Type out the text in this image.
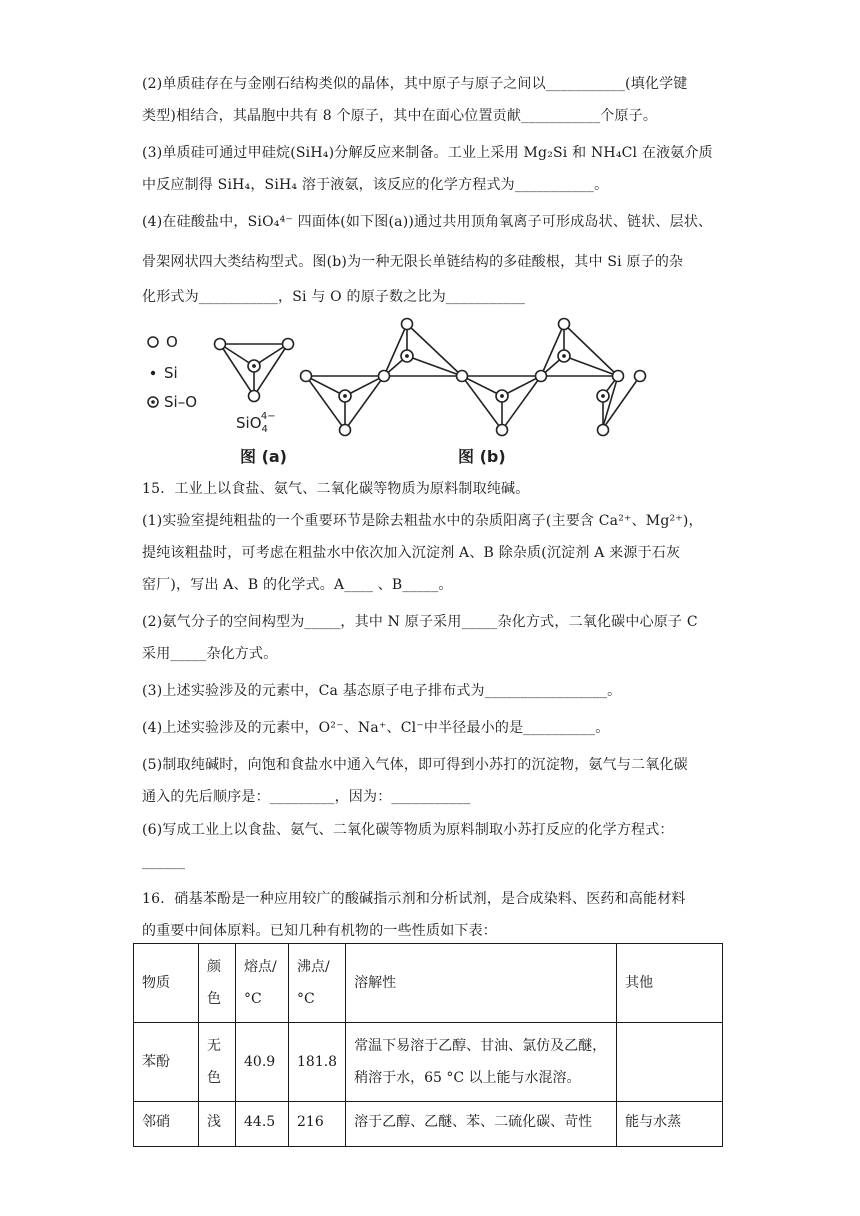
(2)单质硅存在与金刚石结构类似的晶体，其中原子与原子之间以___________(填化学键
类型)相结合，其晶胞中共有 8 个原子，其中在面心位置贡献___________个原子。
(3)单质硅可通过甲硅烷(SiH₄)分解反应来制备。工业上采用 Mg₂Si 和 NH₄Cl 在液氨介质
中反应制得 SiH₄，SiH₄ 溶于液氨，该反应的化学方程式为___________。
(4)在硅酸盐中，SiO₄⁴⁻ 四面体(如下图(a))通过共用顶角氧离子可形成岛状、链状、层状、
骨架网状四大类结构型式。图(b)为一种无限长单链结构的多硅酸根，其中 Si 原子的杂
化形式为___________，Si 与 O 的原子数之比为___________
15．工业上以食盐、氨气、二氧化碳等物质为原料制取纯碱。
(1)实验室提纯粗盐的一个重要环节是除去粗盐水中的杂质阳离子(主要含 Ca²⁺、Mg²⁺)，
提纯该粗盐时，可考虑在粗盐水中依次加入沉淀剂 A、B 除杂质(沉淀剂 A 来源于石灰
窑厂)，写出 A、B 的化学式。A____ 、B_____。
(2)氨气分子的空间构型为_____，其中 N 原子采用_____杂化方式，二氧化碳中心原子 C
采用_____杂化方式。
(3)上述实验涉及的元素中，Ca 基态原子电子排布式为_________________。
(4)上述实验涉及的元素中，O²⁻、Na⁺、Cl⁻中半径最小的是__________。
(5)制取纯碱时，向饱和食盐水中通入气体，即可得到小苏打的沉淀物，氨气与二氧化碳
通入的先后顺序是：_________，因为：___________
(6)写成工业上以食盐、氨气、二氧化碳等物质为原料制取小苏打反应的化学方程式：
______
16．硝基苯酚是一种应用较广的酸碱指示剂和分析试剂，是合成染料、医药和高能材料
的重要中间体原料。已知几种有机物的一些性质如下表：
O
Si
Si–O
SiO$_4$4−
图 (a)	图 (b)
物质	颜色	熔点/°C	沸点/°C	溶解性	其他
苯酚	无色	40.9	181.8	常温下易溶于乙醇、甘油、氯仿及乙醚，稍溶于水，65 °C 以上能与水混溶。	
邻硝	浅	44.5	216	溶于乙醇、乙醚、苯、二硫化碳、苛性	能与水蒸
